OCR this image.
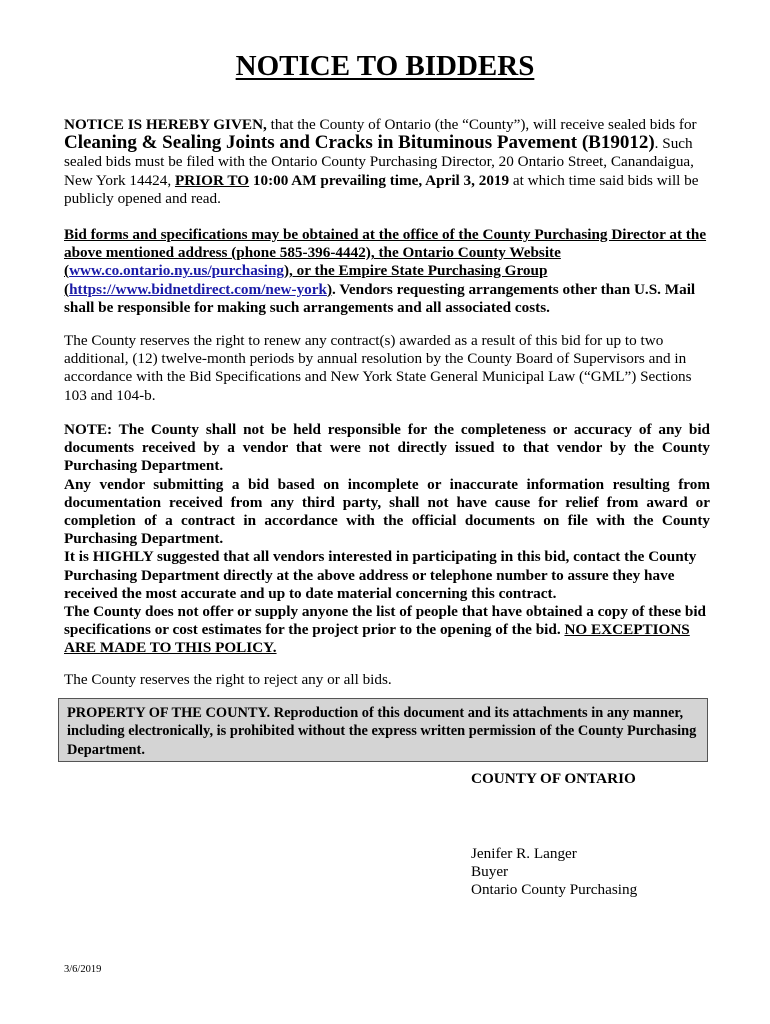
NOTICE TO BIDDERS
NOTICE IS HEREBY GIVEN, that the County of Ontario (the “County”), will receive sealed bids for
Cleaning & Sealing Joints and Cracks in Bituminous Pavement (B19012). Such sealed bids must be filed with the Ontario County Purchasing Director, 20 Ontario Street, Canandaigua, New York 14424, PRIOR TO 10:00 AM prevailing time, April 3, 2019 at which time said bids will be publicly opened and read.
Bid forms and specifications may be obtained at the office of the County Purchasing Director at the above mentioned address (phone 585-396-4442), the Ontario County Website (www.co.ontario.ny.us/purchasing), or the Empire State Purchasing Group (https://www.bidnetdirect.com/new-york). Vendors requesting arrangements other than U.S. Mail shall be responsible for making such arrangements and all associated costs.
The County reserves the right to renew any contract(s) awarded as a result of this bid for up to two additional, (12) twelve-month periods by annual resolution by the County Board of Supervisors and in accordance with the Bid Specifications and New York State General Municipal Law (“GML”) Sections 103 and 104-b.
NOTE: The County shall not be held responsible for the completeness or accuracy of any bid documents received by a vendor that were not directly issued to that vendor by the County Purchasing Department.
Any vendor submitting a bid based on incomplete or inaccurate information resulting from documentation received from any third party, shall not have cause for relief from award or completion of a contract in accordance with the official documents on file with the County Purchasing Department.
It is HIGHLY suggested that all vendors interested in participating in this bid, contact the County Purchasing Department directly at the above address or telephone number to assure they have received the most accurate and up to date material concerning this contract.
The County does not offer or supply anyone the list of people that have obtained a copy of these bid specifications or cost estimates for the project prior to the opening of the bid. NO EXCEPTIONS ARE MADE TO THIS POLICY.
The County reserves the right to reject any or all bids.
PROPERTY OF THE COUNTY. Reproduction of this document and its attachments in any manner, including electronically, is prohibited without the express written permission of the County Purchasing Department.
COUNTY OF ONTARIO
Jenifer R. Langer
Buyer
Ontario County Purchasing
3/6/2019
